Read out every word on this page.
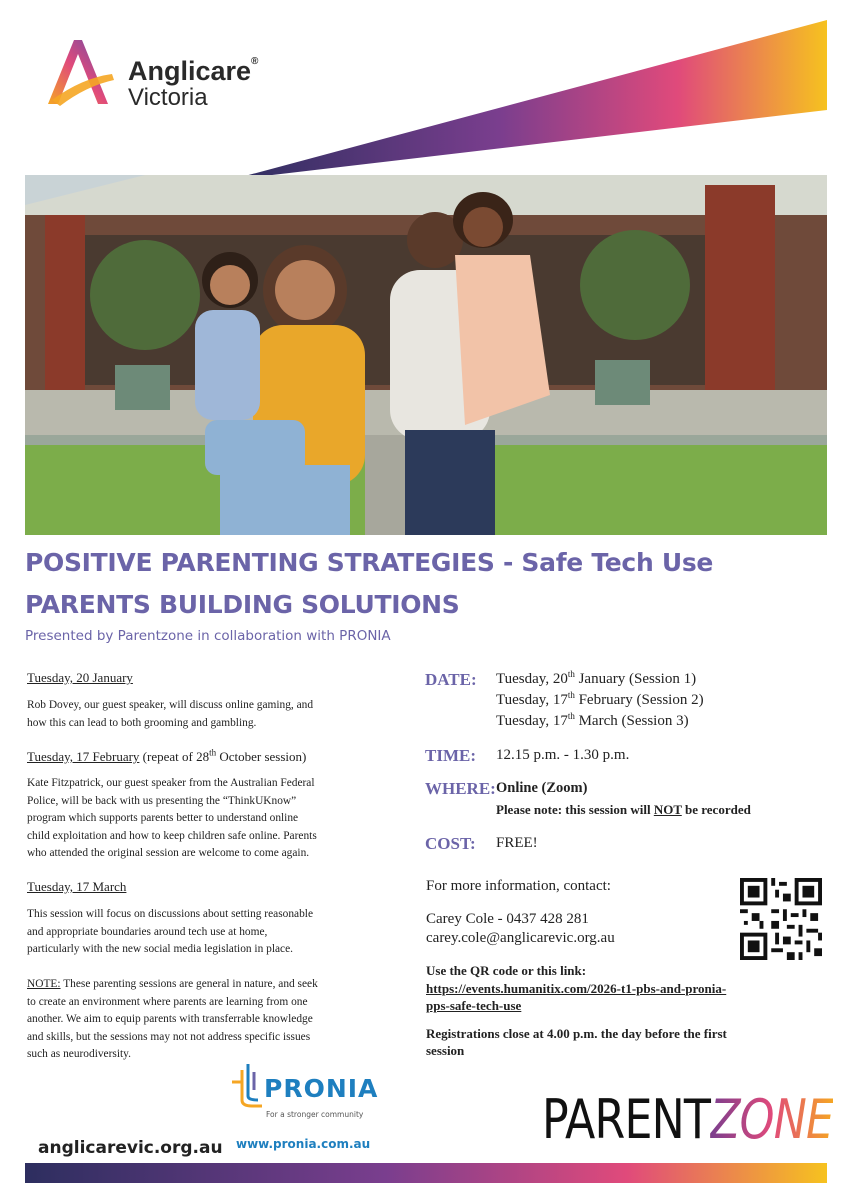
Anglicare®
Victoria
POSITIVE PARENTING STRATEGIES - Safe Tech Use
PARENTS BUILDING SOLUTIONS
Presented by Parentzone in collaboration with PRONIA
Tuesday, 20 January
Rob Dovey, our guest speaker, will discuss online gaming, and
how this can lead to both grooming and gambling.
Tuesday, 17 February (repeat of 28th October session)
Kate Fitzpatrick, our guest speaker from the Australian Federal
Police, will be back with us presenting the “ThinkUKnow”
program which supports parents better to understand online
child exploitation and how to keep children safe online. Parents
who attended the original session are welcome to come again.
Tuesday, 17 March
This session will focus on discussions about setting reasonable
and appropriate boundaries around tech use at home,
particularly with the new social media legislation in place.
NOTE: These parenting sessions are general in nature, and seek
to create an environment where parents are learning from one
another. We aim to equip parents with transferrable knowledge
and skills, but the sessions may not not address specific issues
such as neurodiversity.
DATE: Tuesday, 20th January (Session 1)
Tuesday, 17th February (Session 2)
Tuesday, 17th March (Session 3)
TIME: 12.15 p.m. - 1.30 p.m.
WHERE: Online (Zoom)
Please note: this session will NOT be recorded
COST: FREE!
For more information, contact:
Carey Cole - 0437 428 281
carey.cole@anglicarevic.org.au
Use the QR code or this link:
https://events.humanitix.com/2026-t1-pbs-and-pronia-
pps-safe-tech-use
Registrations close at 4.00 p.m. the day before the first
session
PRONIA
For a stronger community	PARENTZONE
anglicarevic.org.au www.pronia.com.au
